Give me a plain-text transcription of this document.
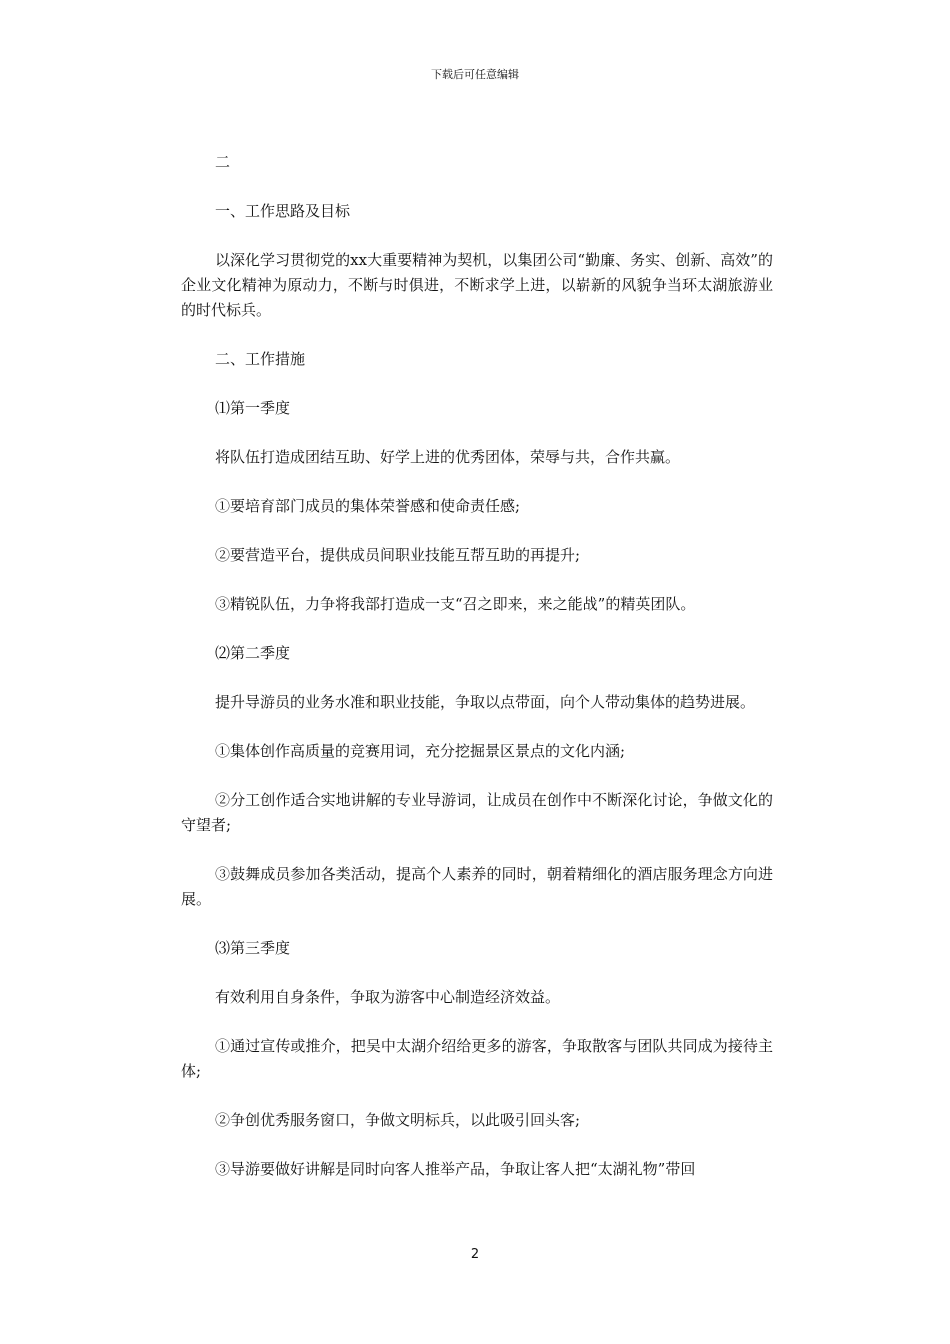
下载后可任意编辑

二

一、工作思路及目标

以深化学习贯彻党的xx大重要精神为契机，以集团公司“勤廉、务实、创新、高效”的企业文化精神为原动力，不断与时俱进，不断求学上进，以崭新的风貌争当环太湖旅游业的时代标兵。

二、工作措施

⑴第一季度

将队伍打造成团结互助、好学上进的优秀团体，荣辱与共，合作共赢。

①要培育部门成员的集体荣誉感和使命责任感;

②要营造平台，提供成员间职业技能互帮互助的再提升;

③精锐队伍，力争将我部打造成一支“召之即来，来之能战”的精英团队。

⑵第二季度

提升导游员的业务水准和职业技能，争取以点带面，向个人带动集体的趋势进展。

①集体创作高质量的竞赛用词，充分挖掘景区景点的文化内涵;

②分工创作适合实地讲解的专业导游词，让成员在创作中不断深化讨论，争做文化的守望者;

③鼓舞成员参加各类活动，提高个人素养的同时，朝着精细化的酒店服务理念方向进展。

⑶第三季度

有效利用自身条件，争取为游客中心制造经济效益。

①通过宣传或推介，把吴中太湖介绍给更多的游客，争取散客与团队共同成为接待主体;

②争创优秀服务窗口，争做文明标兵，以此吸引回头客;

③导游要做好讲解是同时向客人推举产品，争取让客人把“太湖礼物”带回

2
